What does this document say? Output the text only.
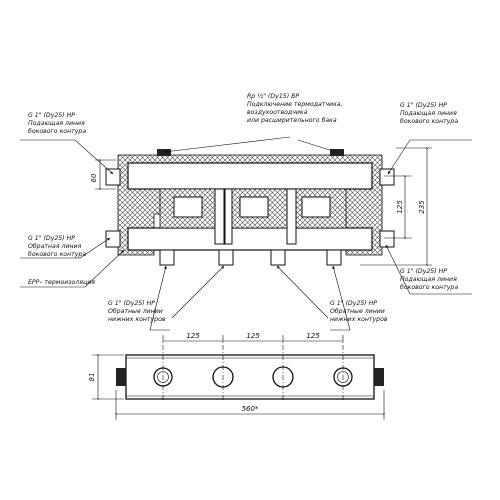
Rp ½" (Dy15) BP
Подключение термодатчика,
воздухоотводчика
или расширительного бака
G 1" (Dy25) HP
Подающая линия
бокового контура
G 1" (Dy25) HP
Подающая линия
бокового контура
G 1" (Dy25) HP
Обратная линия
бокового контура
EPP– термоизоляция
G 1" (Dy25) HP
Подающая линия
бокового контура
G 1" (Dy25) HP
Обратные линии
нижних контуров
G 1" (Dy25) HP
Обратные линии
нижних контуров
60
125 235
125	125	125
81
560*
